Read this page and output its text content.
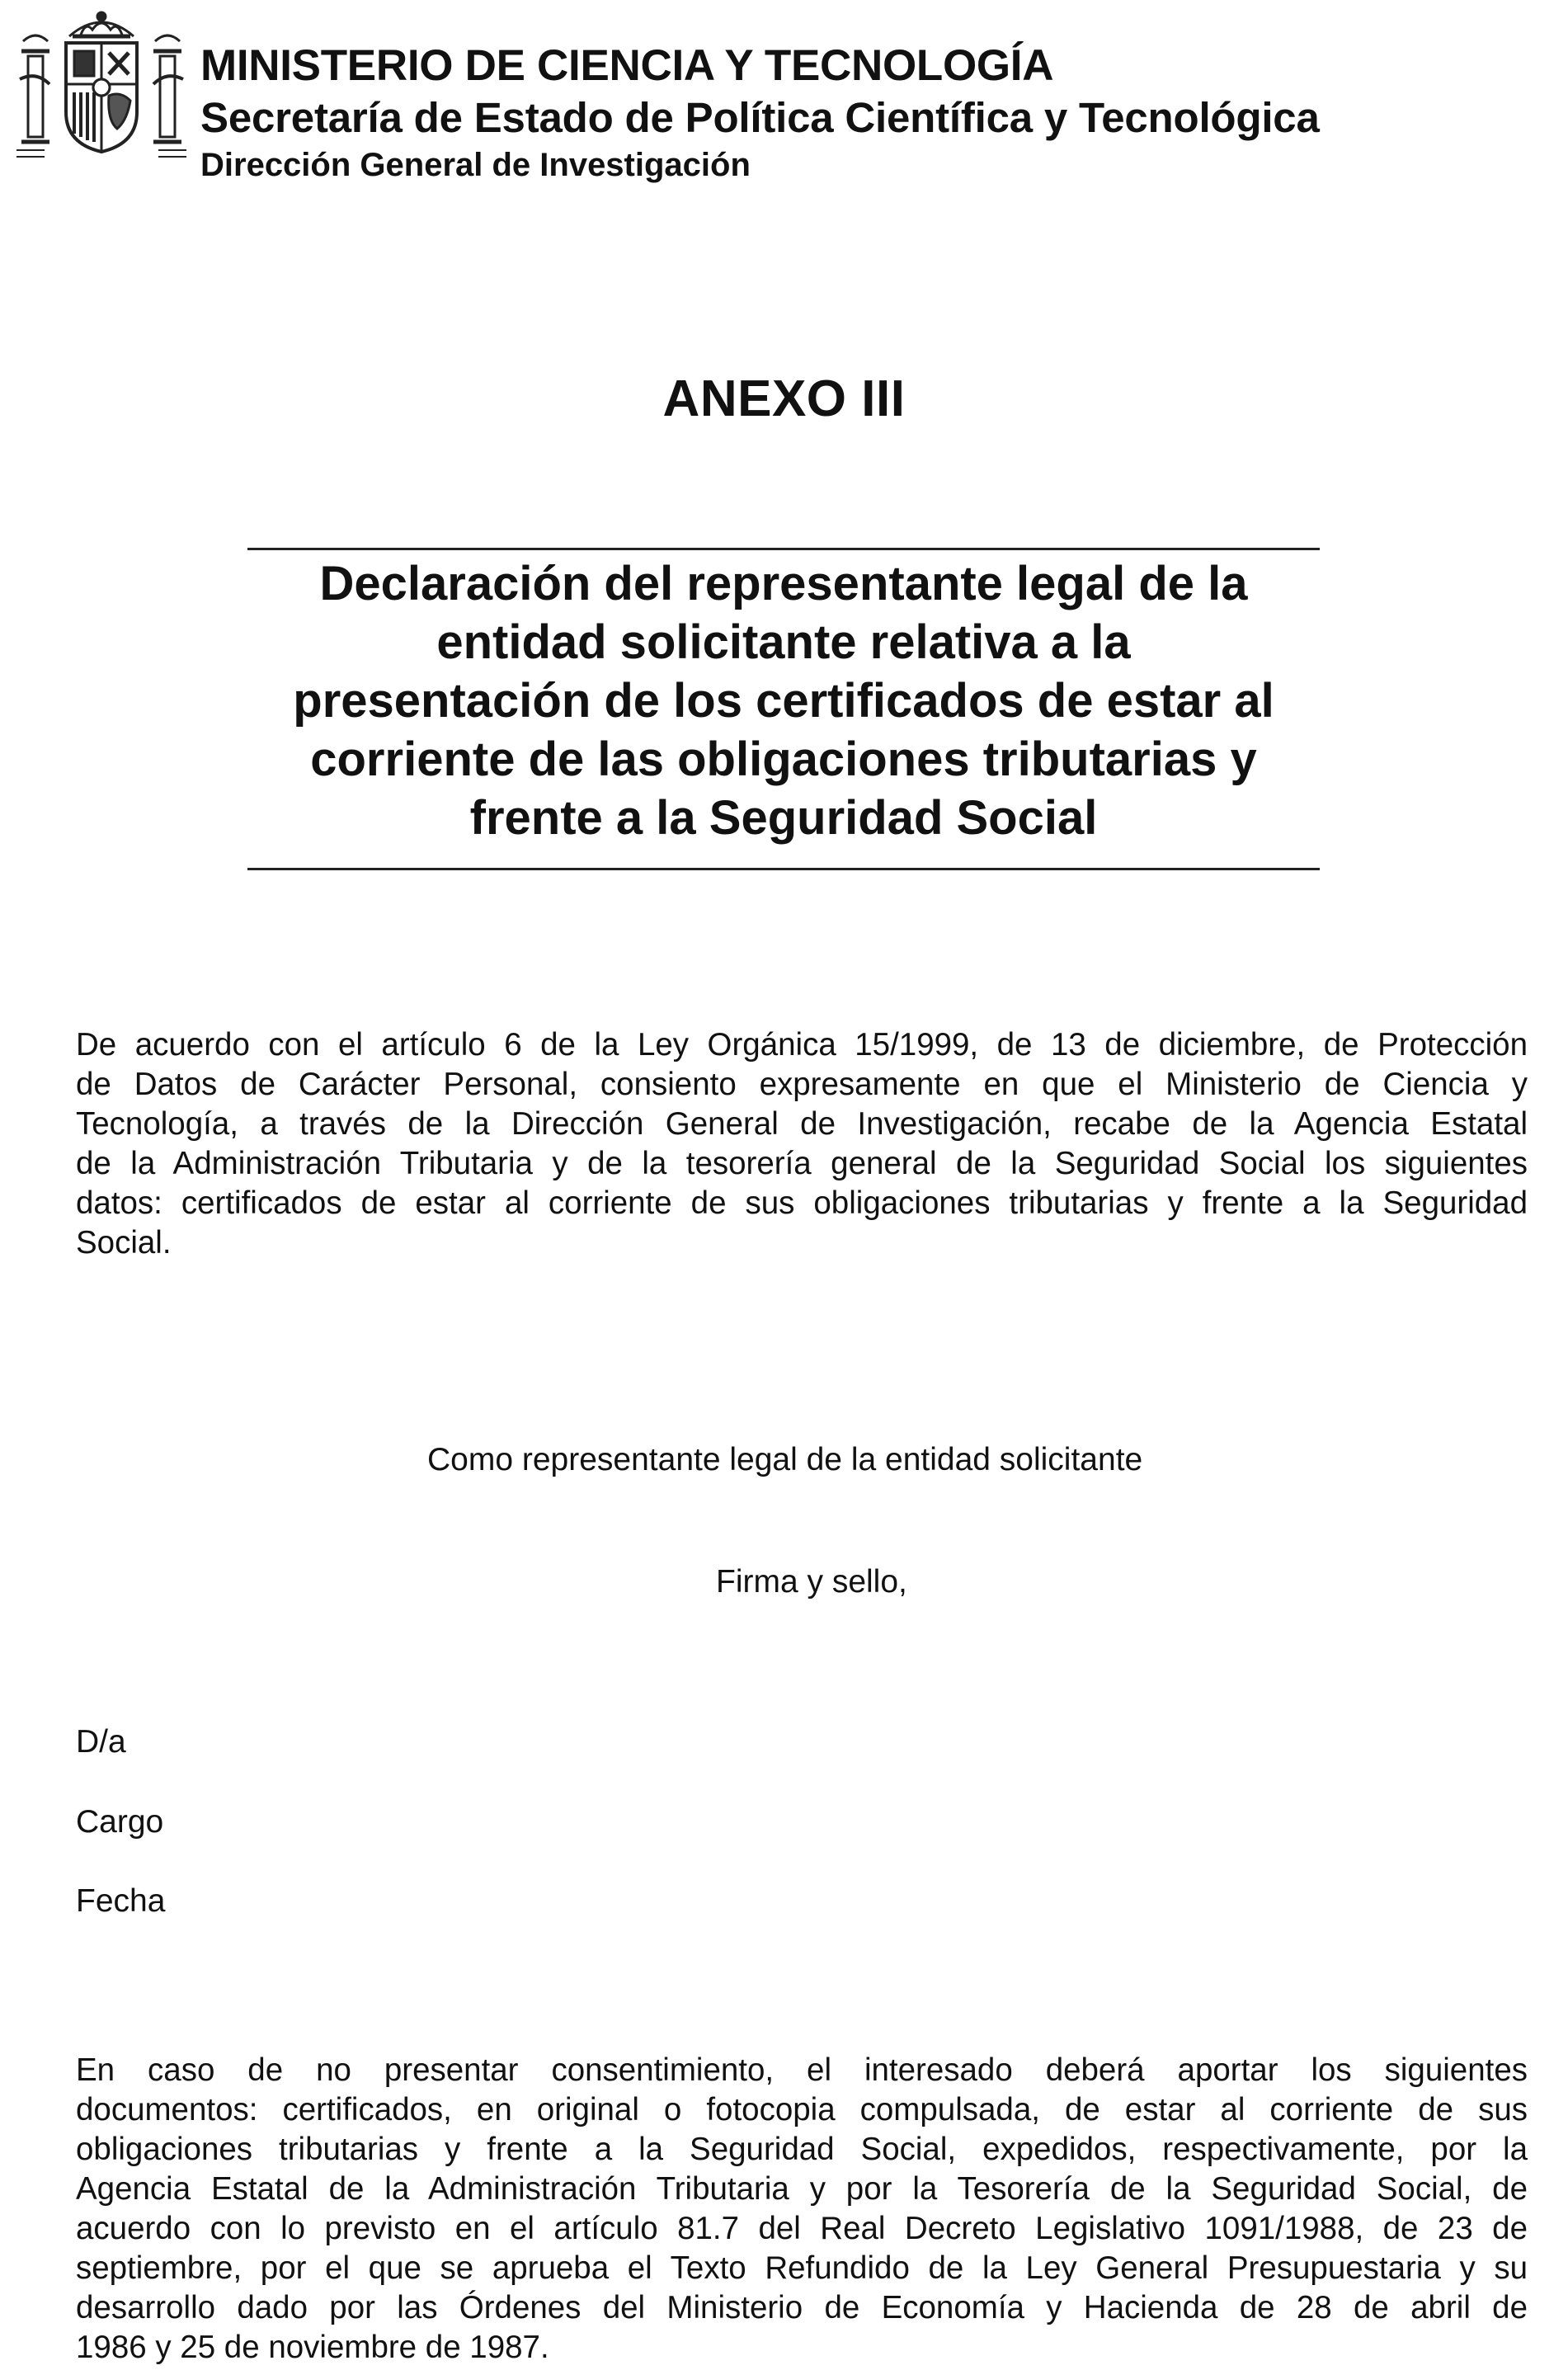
MINISTERIO DE CIENCIA Y TECNOLOGÍA
Secretaría de Estado de Política Científica y Tecnológica
Dirección General de Investigación
ANEXO III
Declaración del representante legal de la
entidad solicitante relativa a la
presentación de los certificados de estar al
corriente de las obligaciones tributarias y
frente a la Seguridad Social
De acuerdo con el artículo 6 de la Ley Orgánica 15/1999, de 13 de diciembre, de Protección
de Datos de Carácter Personal, consiento expresamente en que el Ministerio de Ciencia y
Tecnología, a través de la Dirección General de Investigación, recabe de la Agencia Estatal
de la Administración Tributaria y de la tesorería general de la Seguridad Social los siguientes
datos: certificados de estar al corriente de sus obligaciones tributarias y frente a la Seguridad
Social.
Como representante legal de la entidad solicitante
Firma y sello,
D/a
Cargo
Fecha
En caso de no presentar consentimiento, el interesado deberá aportar los siguientes
documentos: certificados, en original o fotocopia compulsada, de estar al corriente de sus
obligaciones tributarias y frente a la Seguridad Social, expedidos, respectivamente, por la
Agencia Estatal de la Administración Tributaria y por la Tesorería de la Seguridad Social, de
acuerdo con lo previsto en el artículo 81.7 del Real Decreto Legislativo 1091/1988, de 23 de
septiembre, por el que se aprueba el Texto Refundido de la Ley General Presupuestaria y su
desarrollo dado por las Órdenes del Ministerio de Economía y Hacienda de 28 de abril de
1986 y 25 de noviembre de 1987.
